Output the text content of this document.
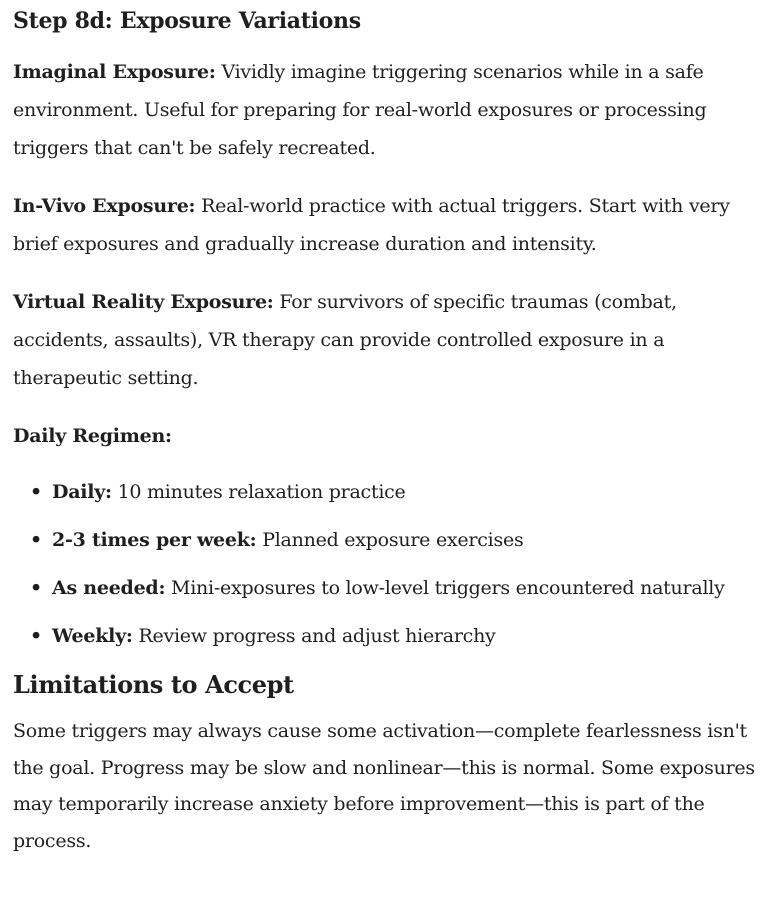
Step 8d: Exposure Variations

Imaginal Exposure: Vividly imagine triggering scenarios while in a safe environment. Useful for preparing for real-world exposures or processing triggers that can't be safely recreated.

In-Vivo Exposure: Real-world practice with actual triggers. Start with very brief exposures and gradually increase duration and intensity.

Virtual Reality Exposure: For survivors of specific traumas (combat, accidents, assaults), VR therapy can provide controlled exposure in a therapeutic setting.

Daily Regimen:

• Daily: 10 minutes relaxation practice
• 2-3 times per week: Planned exposure exercises
• As needed: Mini-exposures to low-level triggers encountered naturally
• Weekly: Review progress and adjust hierarchy
Limitations to Accept

Some triggers may always cause some activation—complete fearlessness isn't the goal. Progress may be slow and nonlinear—this is normal. Some exposures may temporarily increase anxiety before improvement—this is part of the process.
